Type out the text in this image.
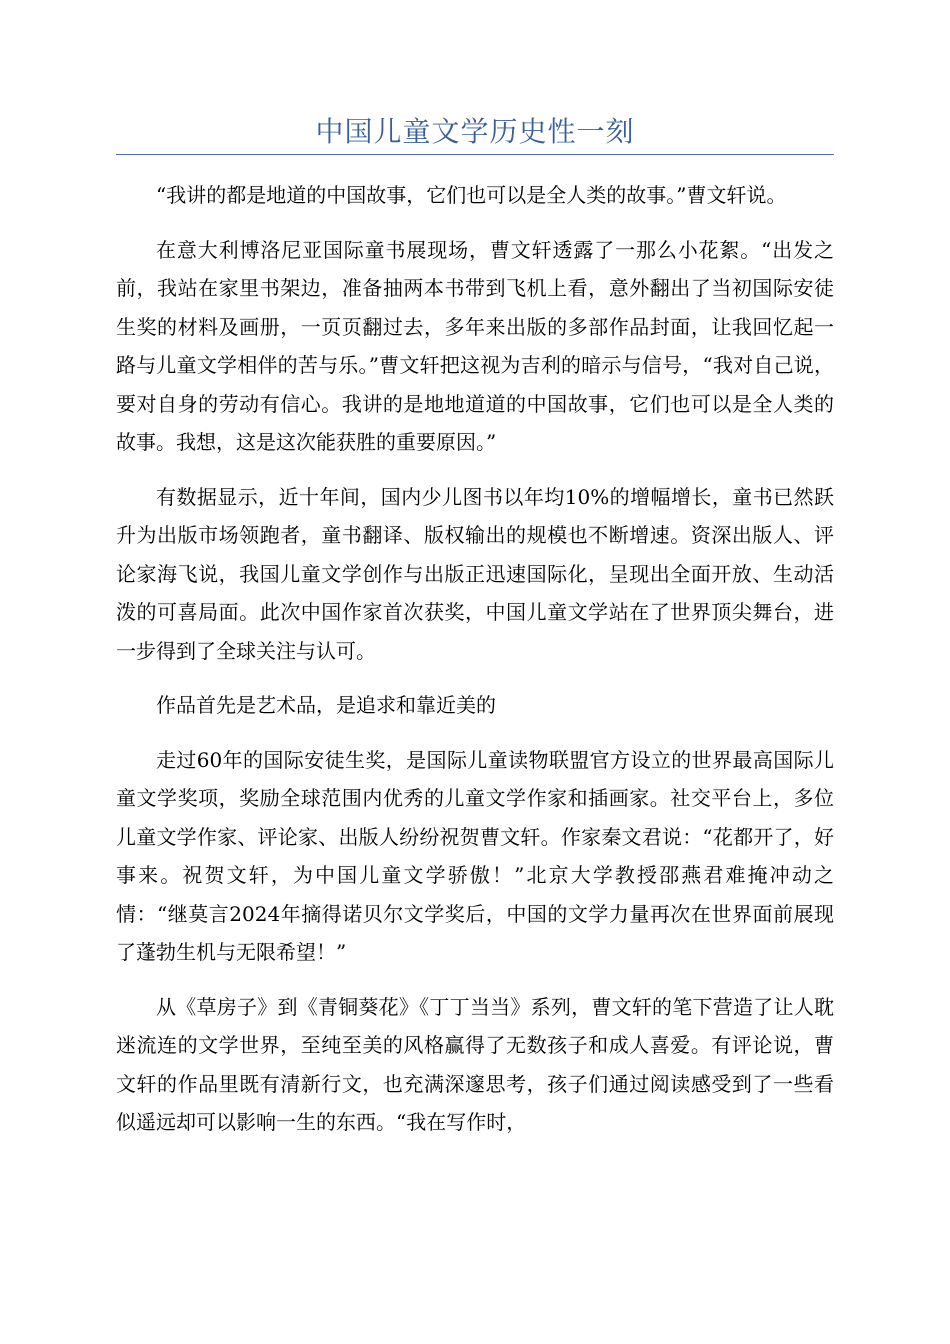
中国儿童文学历史性一刻

“我讲的都是地道的中国故事，它们也可以是全人类的故事。”曹文轩说。

在意大利博洛尼亚国际童书展现场，曹文轩透露了一那么小花絮。“出发之前，我站在家里书架边，准备抽两本书带到飞机上看，意外翻出了当初国际安徒生奖的材料及画册，一页页翻过去，多年来出版的多部作品封面，让我回忆起一路与儿童文学相伴的苦与乐。”曹文轩把这视为吉利的暗示与信号，“我对自己说，要对自身的劳动有信心。我讲的是地地道道的中国故事，它们也可以是全人类的故事。我想，这是这次能获胜的重要原因。”

有数据显示，近十年间，国内少儿图书以年均10%的增幅增长，童书已然跃升为出版市场领跑者，童书翻译、版权输出的规模也不断增速。资深出版人、评论家海飞说，我国儿童文学创作与出版正迅速国际化，呈现出全面开放、生动活泼的可喜局面。此次中国作家首次获奖，中国儿童文学站在了世界顶尖舞台，进一步得到了全球关注与认可。

作品首先是艺术品，是追求和靠近美的

走过60年的国际安徒生奖，是国际儿童读物联盟官方设立的世界最高国际儿童文学奖项，奖励全球范围内优秀的儿童文学作家和插画家。社交平台上，多位儿童文学作家、评论家、出版人纷纷祝贺曹文轩。作家秦文君说：“花都开了，好事来。祝贺文轩，为中国儿童文学骄傲！”北京大学教授邵燕君难掩冲动之情：“继莫言2024年摘得诺贝尔文学奖后，中国的文学力量再次在世界面前展现了蓬勃生机与无限希望！”

从《草房子》到《青铜葵花》《丁丁当当》系列，曹文轩的笔下营造了让人耽迷流连的文学世界，至纯至美的风格赢得了无数孩子和成人喜爱。有评论说，曹文轩的作品里既有清新行文，也充满深邃思考，孩子们通过阅读感受到了一些看似遥远却可以影响一生的东西。“我在写作时，
